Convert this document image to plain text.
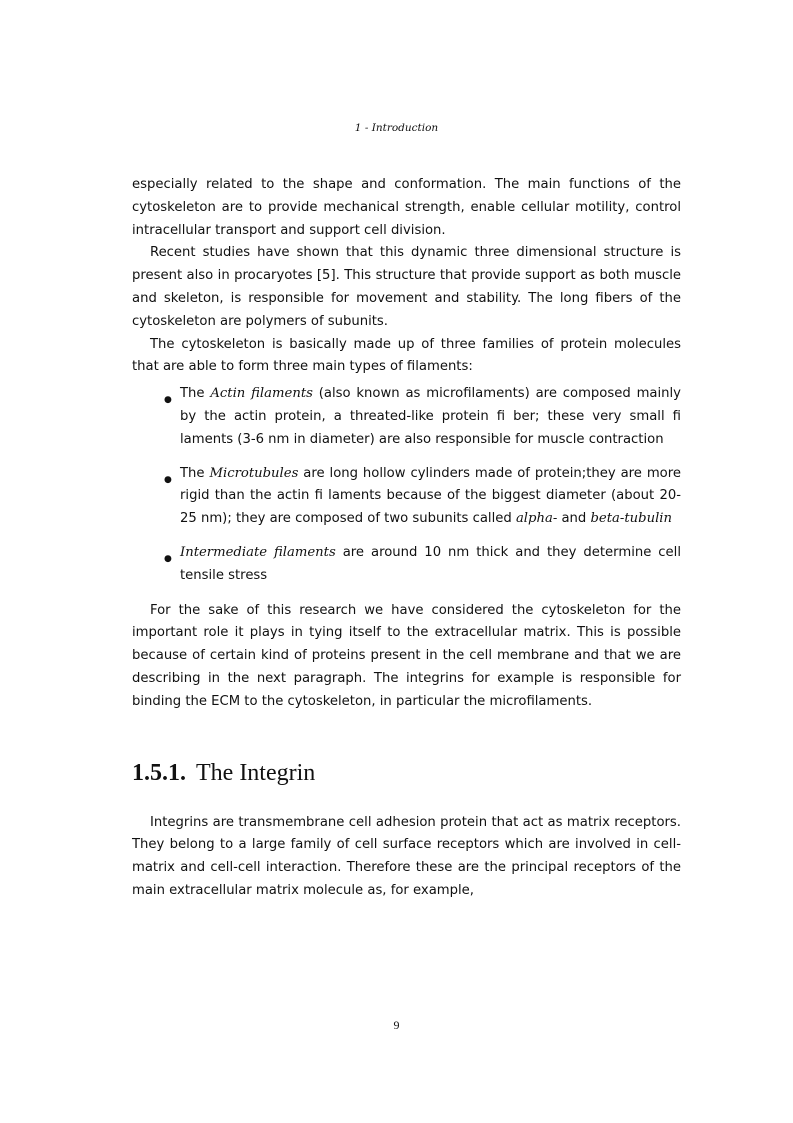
1 - Introduction

especially related to the shape and conformation. The main functions of the cytoskeleton are to provide mechanical strength, enable cellular motility, control intracellular transport and support cell division.

Recent studies have shown that this dynamic three dimensional structure is present also in procaryotes [5]. This structure that provide support as both muscle and skeleton, is responsible for movement and stability. The long fibers of the cytoskeleton are polymers of subunits.

The cytoskeleton is basically made up of three families of protein molecules that are able to form three main types of filaments:

● The Actin filaments (also known as microfilaments) are composed mainly by the actin protein, a threated-like protein fi ber; these very small fi laments (3-6 nm in diameter) are also responsible for muscle contraction
● The Microtubules are long hollow cylinders made of protein;they are more rigid than the actin fi laments because of the biggest diameter (about 20-25 nm); they are composed of two subunits called alpha- and beta-tubulin
● Intermediate filaments are around 10 nm thick and they determine cell tensile stress

For the sake of this research we have considered the cytoskeleton for the important role it plays in tying itself to the extracellular matrix. This is possible because of certain kind of proteins present in the cell membrane and that we are describing in the next paragraph. The integrins for example is responsible for binding the ECM to the cytoskeleton, in particular the microfilaments.

1.5.1. The Integrin

Integrins are transmembrane cell adhesion protein that act as matrix receptors. They belong to a large family of cell surface receptors which are involved in cell-matrix and cell-cell interaction. Therefore these are the principal receptors of the main extracellular matrix molecule as, for example,

9
